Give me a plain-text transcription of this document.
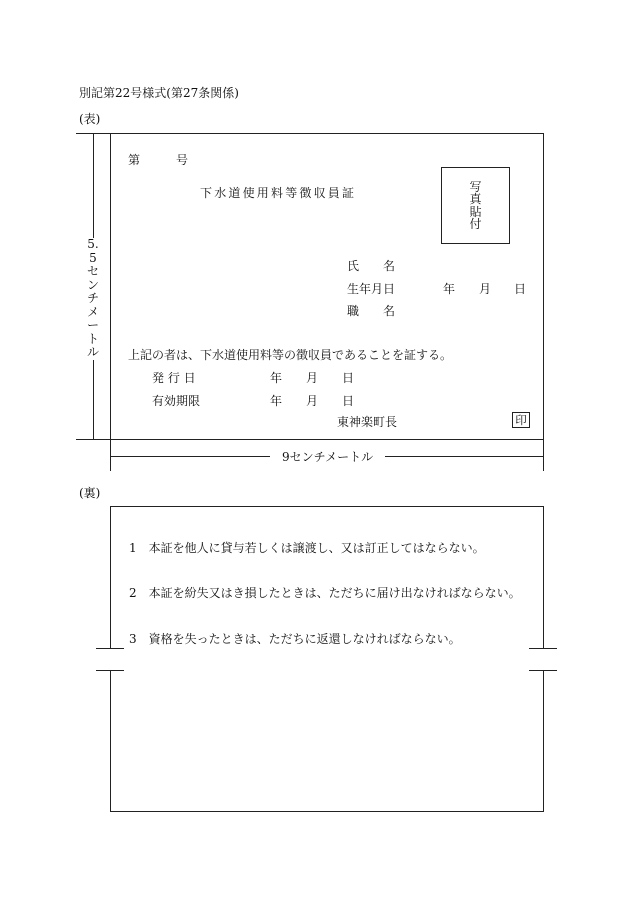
別記第22号様式(第27条関係)
(表)
5.5センチメートル
第	号
下水道使用料等徴収員証	写真貼付
氏　　名
生年月日	年 月 日
職　　名
上記の者は、下水道使用料等の徴収員であることを証する。
発 行 日	年 月 日
有効期限	年 月 日
東神楽町長	印
9センチメートル
(裏)
1　本証を他人に貸与若しくは譲渡し、又は訂正してはならない。
2　本証を紛失又はき損したときは、ただちに届け出なければならない。
3　資格を失ったときは、ただちに返還しなければならない。
